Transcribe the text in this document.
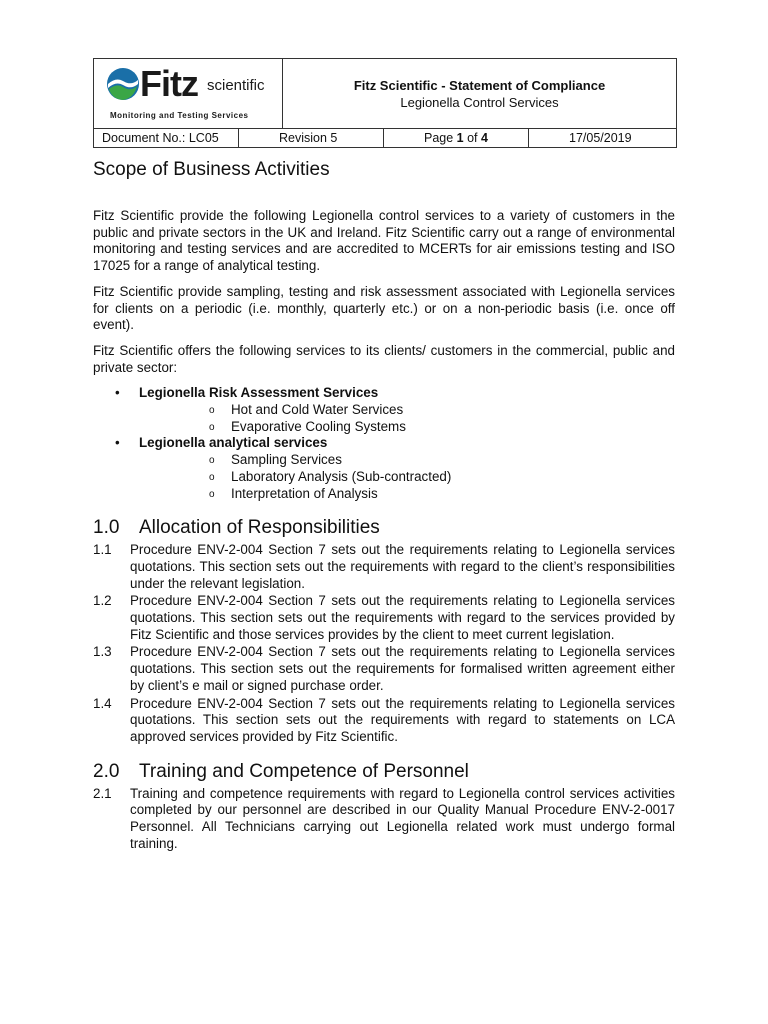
Fitz scientific
Monitoring and Testing Services
Fitz Scientific - Statement of Compliance
Legionella Control Services
Document No.: LC05	Revision 5	Page 1 of 4	17/05/2019
Scope of Business Activities

Fitz Scientific provide the following Legionella control services to a variety of customers in the public and private sectors in the UK and Ireland. Fitz Scientific carry out a range of environmental monitoring and testing services and are accredited to MCERTs for air emissions testing and ISO 17025 for a range of analytical testing.

Fitz Scientific provide sampling, testing and risk assessment associated with Legionella services for clients on a periodic (i.e. monthly, quarterly etc.) or on a non-periodic basis (i.e. once off event).

Fitz Scientific offers the following services to its clients/ customers in the commercial, public and private sector:

• Legionella Risk Assessment Services
o Hot and Cold Water Services
o Evaporative Cooling Systems
• Legionella analytical services
o Sampling Services
o Laboratory Analysis (Sub-contracted)
o Interpretation of Analysis
1.0	Allocation of Responsibilities
1.1	Procedure ENV-2-004 Section 7 sets out the requirements relating to Legionella services quotations. This section sets out the requirements with regard to the client’s responsibilities under the relevant legislation.
1.2	Procedure ENV-2-004 Section 7 sets out the requirements relating to Legionella services quotations. This section sets out the requirements with regard to the services provided by Fitz Scientific and those services provides by the client to meet current legislation.
1.3	Procedure ENV-2-004 Section 7 sets out the requirements relating to Legionella services quotations. This section sets out the requirements for formalised written agreement either by client’s e mail or signed purchase order.
1.4	Procedure ENV-2-004 Section 7 sets out the requirements relating to Legionella services quotations. This section sets out the requirements with regard to statements on LCA approved services provided by Fitz Scientific.
2.0	Training and Competence of Personnel
2.1	Training and competence requirements with regard to Legionella control services activities completed by our personnel are described in our Quality Manual Procedure ENV-2-0017 Personnel. All Technicians carrying out Legionella related work must undergo formal training.
